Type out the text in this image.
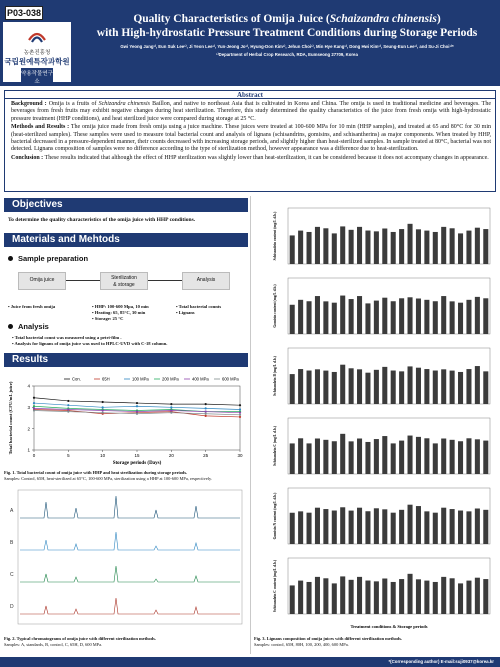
P03-038
농촌진흥청
국립원예특작과학원
약용작물연구소
Quality Characteristics of Omija Juice (Schaizandra chinensis)
with High-hydrostatic Pressure Treatment Conditions during Storage Periods
Gwi Yeong Jang¹⁾, Eun Suk Lee¹⁾, Ji Yeon Lee¹⁾, Yun-Jeong Jo¹⁾, Hyung-Don Kim¹⁾, Jehun Choi¹⁾, Min Hye Kang¹⁾, Dong Hwi Kim¹⁾, Seung-Eun Lee¹⁾, and Su-Ji Choi¹⁾*
¹⁾Department of Herbal Crop Research, RDA, Eumseong 27709, Korea
Abstract

Background : Omija is a fruits of Schizandra chinensis Baillon, and native to northeast Asia that is cultivated in Korea and China. The omija is used in traditional medicine and beverages. The beverages from fresh fruits may exhibit negative changes during heat sterilization. Therefore, this study determined the quality characteristics of the juice from fresh omija with high-hydrostatic pressure treatment (HHP conditions), and heat sterilized juice were compared during storage at 25 °C.

Methods and Results : The omija juice made from fresh omija using a juice machine. These juices were treated at 100-600 MPa for 10 min (HHP samples), and treated at 65 and 80°C for 30 min (heat-sterilized samples). These samples were used to measure total bacterial count and analysis of lignans (schisandrins, gomisins, and schisantherins) as major components. When treated by HHP, bacterial decreased in a pressure-dependent manner, their counts decreased with increasing storage periods, and slightly higher than heat-sterilized samples. In sample treated at 80°C, bacterial was not detected. Lignans composition of samples were no difference according to the type of sterilization method, however appearance was a difference due to heat-sterilization.

Conclusion : These results indicated that although the effect of HHP sterilization was slightly lower than heat-sterilization, it can be considered because it does not accompany changes in appearance.

Objectives
To determine the quality characteristics of the omija juice with HHP conditions.
Materials and Mehtods
Sample preparation
Omija juice	Sterilization
& storage
Analysis
• Juice from fresh omija	• HHP: 100-600 Mpa, 10 min
• Heating: 65, 85°C, 30 min
• Storage: 25 °C
• Total bacterial counts
• Lignans
Analysis
• Total bacterial count was measured using a petri-film .
• Analysis for lignans of omija juice was used to HPLC-UVD with C-18 column.
Results
1
2
3
4
0	5	10	15	20	25	30
Storage periods (Days)
Total bacterial count (CFU/mL juice)
Con.	65H	100 MPa	200 MPa	400 MPa	600 MPa
Fig. 1. Total bacterial count of omija juice with HHP and heat sterilization during storage periods.
Samples: Control, 65H, heat-sterilized at 65°C, 100-600 MPa, sterilization using a HHP at 100-600 MPa, respectively.
A
B
C
D
Fig. 2. Typical chromatograms of omija juice with different sterilization methods.
Samples: A, standards, B, control, C, 65H, D, 600 MPa.
Schisandrin content (mg/L d.b.)
Gomisin content (mg/L d.b.)
Schisandrin B (mg/L d.b.)
Schisandrin C (mg/L d.b.)
Gomisin N content (mg/L d.b.)
Schisandrin C content (mg/L d.b.)
Treatment conditions & Storage periods
Fig. 3. Lignans composition of omija juices with different sterilization methods.
Samples: control, 65H, 80H, 100, 200, 400, 600 MPa.
*(Corresponding author) E-mail:suji0937@korea.kr
